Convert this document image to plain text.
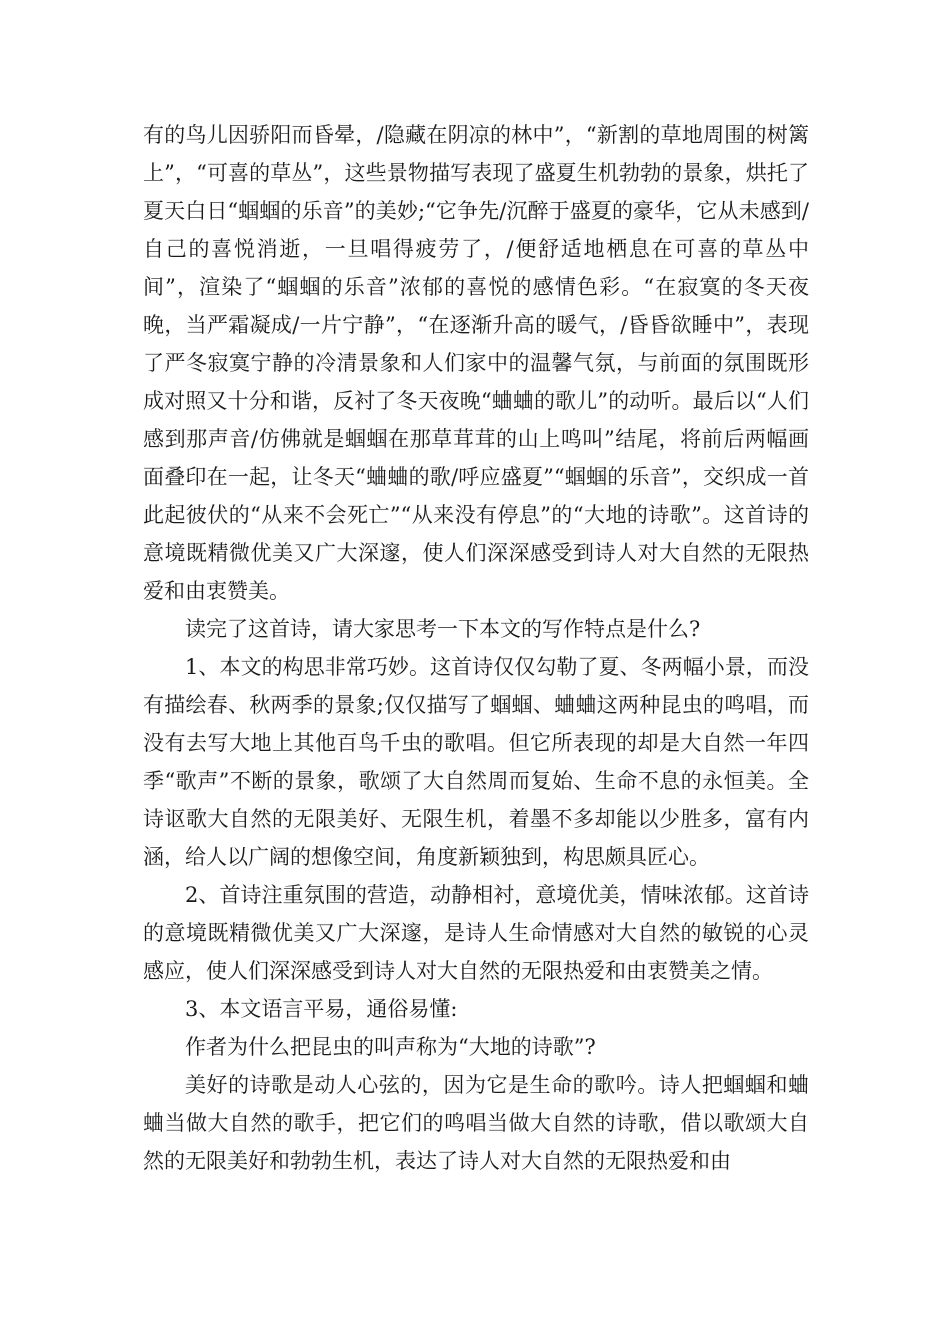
有的鸟儿因骄阳而昏晕，/隐藏在阴凉的林中”，“新割的草地周围的树篱上”，“可喜的草丛”，这些景物描写表现了盛夏生机勃勃的景象，烘托了夏天白日“蝈蝈的乐音”的美妙;“它争先/沉醉于盛夏的豪华，它从未感到/自己的喜悦消逝，一旦唱得疲劳了，/便舒适地栖息在可喜的草丛中间”，渲染了“蝈蝈的乐音”浓郁的喜悦的感情色彩。“在寂寞的冬天夜晚，当严霜凝成/一片宁静”，“在逐渐升高的暖气，/昏昏欲睡中”，表现了严冬寂寞宁静的冷清景象和人们家中的温馨气氛，与前面的氛围既形成对照又十分和谐，反衬了冬天夜晚“蛐蛐的歌儿”的动听。最后以“人们感到那声音/仿佛就是蝈蝈在那草茸茸的山上鸣叫”结尾，将前后两幅画面叠印在一起，让冬天“蛐蛐的歌/呼应盛夏”“蝈蝈的乐音”，交织成一首此起彼伏的“从来不会死亡”“从来没有停息”的“大地的诗歌”。这首诗的意境既精微优美又广大深邃，使人们深深感受到诗人对大自然的无限热爱和由衷赞美。

读完了这首诗，请大家思考一下本文的写作特点是什么?

1、本文的构思非常巧妙。这首诗仅仅勾勒了夏、冬两幅小景，而没有描绘春、秋两季的景象;仅仅描写了蝈蝈、蛐蛐这两种昆虫的鸣唱，而没有去写大地上其他百鸟千虫的歌唱。但它所表现的却是大自然一年四季“歌声”不断的景象，歌颂了大自然周而复始、生命不息的永恒美。全诗讴歌大自然的无限美好、无限生机，着墨不多却能以少胜多，富有内涵，给人以广阔的想像空间，角度新颖独到，构思颇具匠心。

2、首诗注重氛围的营造，动静相衬，意境优美，情味浓郁。这首诗的意境既精微优美又广大深邃，是诗人生命情感对大自然的敏锐的心灵感应，使人们深深感受到诗人对大自然的无限热爱和由衷赞美之情。

3、本文语言平易，通俗易懂:

作者为什么把昆虫的叫声称为“大地的诗歌”?

美好的诗歌是动人心弦的，因为它是生命的歌吟。诗人把蝈蝈和蛐蛐当做大自然的歌手，把它们的鸣唱当做大自然的诗歌，借以歌颂大自然的无限美好和勃勃生机，表达了诗人对大自然的无限热爱和由
